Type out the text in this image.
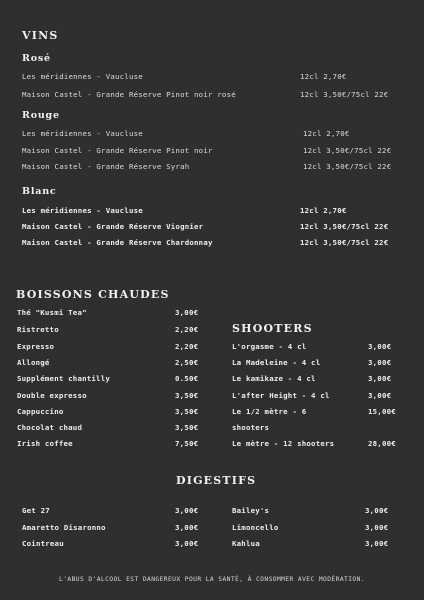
VINS
Rosé
Les méridiennes - Vaucluse	12cl 2,70€
Maison Castel - Grande Réserve Pinot noir rosé	12cl 3,50€/75cl 22€
Rouge
Les méridiennes - Vaucluse	12cl 2,70€
Maison Castel - Grande Réserve Pinot noir	12cl 3,50€/75cl 22€
Maison Castel - Grande Réserve Syrah	12cl 3,50€/75cl 22€
Blanc
Les méridiennes - Vaucluse	12cl 2,70€
Maison Castel - Grande Réserve Viognier	12cl 3,50€/75cl 22€
Maison Castel - Grande Réserve Chardonnay	12cl 3,50€/75cl 22€
BOISSONS CHAUDES
Thé "Kusmi Tea"	3,00€
Ristretto	2,20€
Expresso	2,20€
Allongé	2,50€
Supplément chantilly	0.50€
Double expresso	3,50€
Cappuccino	3,50€
Chocolat chaud	3,50€
Irish coffee	7,50€
SHOOTERS
L'orgasme - 4 cl	3,00€
La Madeleine - 4 cl	3,00€
Le kamikaze - 4 cl	3,00€
L'after Height - 4 cl	3,00€
Le 1/2 mètre - 6	15,00€
shooters
Le mètre - 12 shooters	28,00€
DIGESTIFS
Get 27	3,00€
Amaretto Disaronno	3,00€
Cointreau	3,00€
Bailey's	3,00€
Limoncello	3,00€
Kahlua	3,00€
L'ABUS D'ALCOOL EST DANGEREUX POUR LA SANTÉ, À CONSOMMER AVEC MODÉRATION.
